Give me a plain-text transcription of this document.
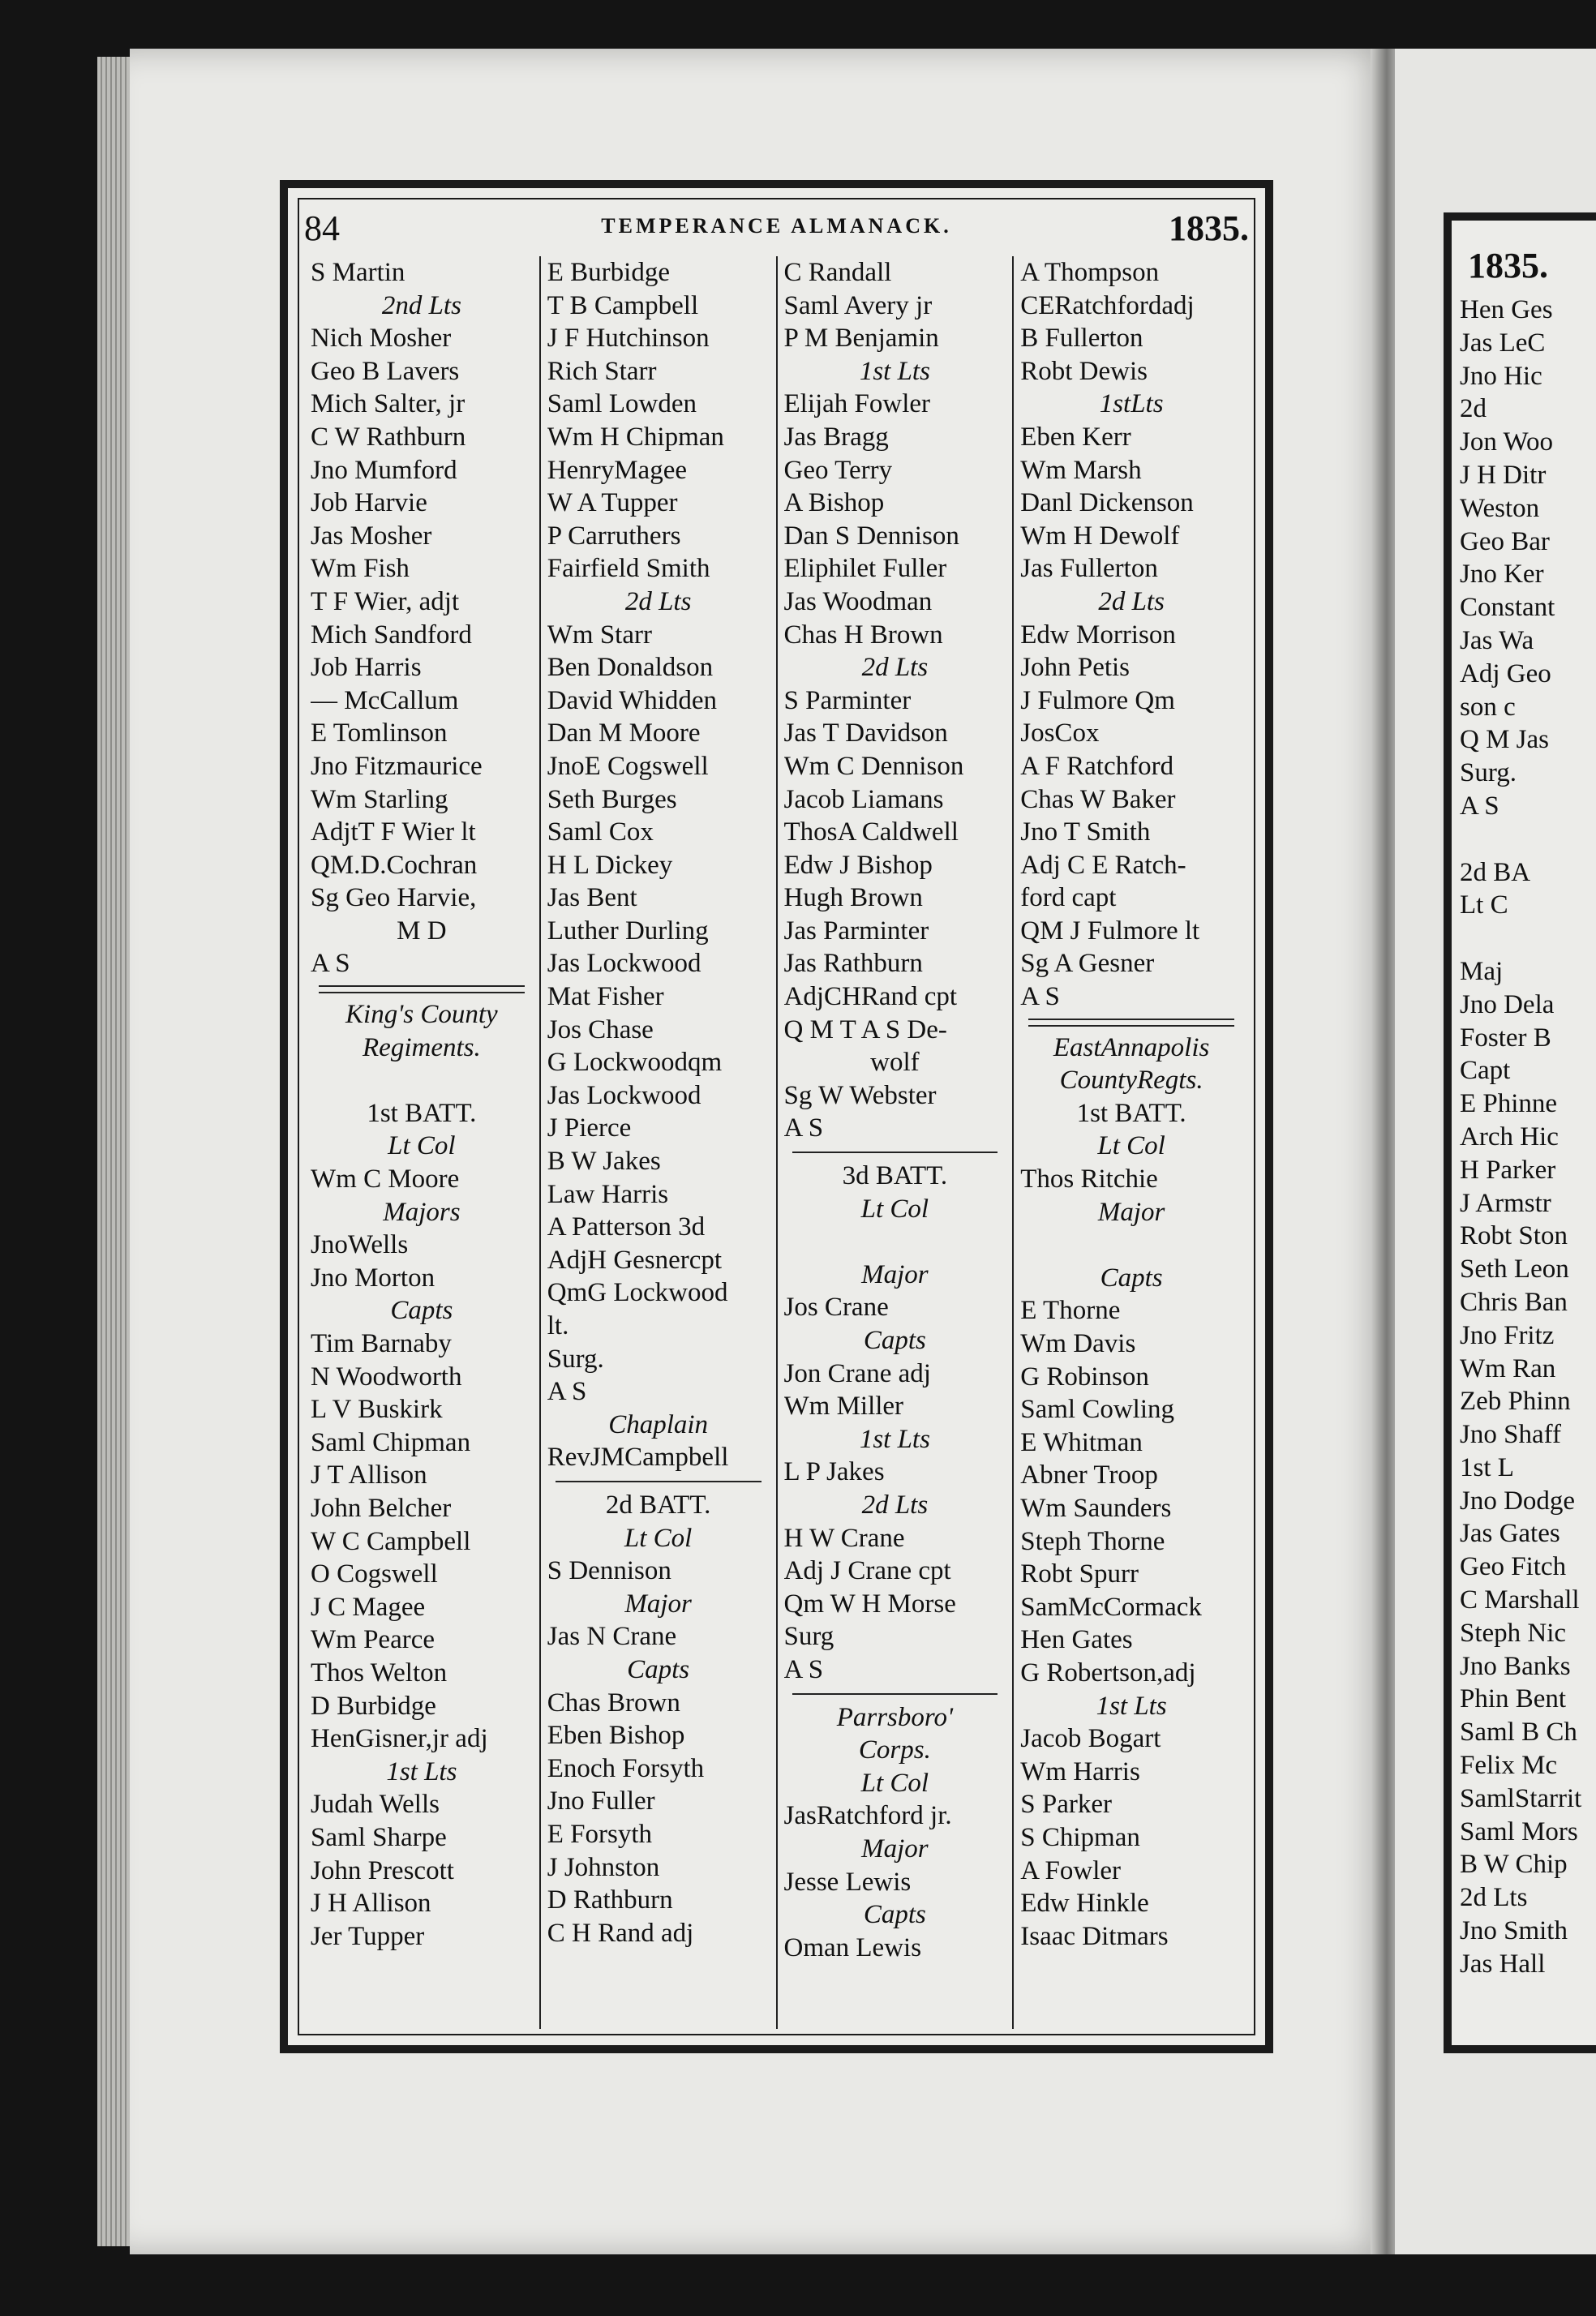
84	TEMPERANCE ALMANACK.	1835.
S Martin
2nd Lts
Nich Mosher
Geo B Lavers
Mich Salter, jr
C W Rathburn
Jno Mumford
Job Harvie
Jas Mosher
Wm Fish
T F Wier, adjt
Mich Sandford
Job Harris
— McCallum
E Tomlinson
Jno Fitzmaurice
Wm Starling
AdjtT F Wier lt
QM.D.Cochran
Sg Geo Harvie,
M D
A S
King's County
Regiments.
1st BATT.
Lt Col
Wm C Moore
Majors
JnoWells
Jno Morton
Capts
Tim Barnaby
N Woodworth
L V Buskirk
Saml Chipman
J T Allison
John Belcher
W C Campbell
O Cogswell
J C Magee
Wm Pearce
Thos Welton
D Burbidge
HenGisner,jr adj
1st Lts
Judah Wells
Saml Sharpe
John Prescott
J H Allison
Jer Tupper
E Burbidge
T B Campbell
J F Hutchinson
Rich Starr
Saml Lowden
Wm H Chipman
HenryMagee
W A Tupper
P Carruthers
Fairfield Smith
2d Lts
Wm Starr
Ben Donaldson
David Whidden
Dan M Moore
JnoE Cogswell
Seth Burges
Saml Cox
H L Dickey
Jas Bent
Luther Durling
Jas Lockwood
Mat Fisher
Jos Chase
G Lockwoodqm
Jas Lockwood
J Pierce
B W Jakes
Law Harris
A Patterson 3d
AdjH Gesnercpt
QmG Lockwood
lt.
Surg.
A S
Chaplain
RevJMCampbell
2d BATT.
Lt Col
S Dennison
Major
Jas N Crane
Capts
Chas Brown
Eben Bishop
Enoch Forsyth
Jno Fuller
E Forsyth
J Johnston
D Rathburn
C H Rand adj
C Randall
Saml Avery jr
P M Benjamin
1st Lts
Elijah Fowler
Jas Bragg
Geo Terry
A Bishop
Dan S Dennison
Eliphilet Fuller
Jas Woodman
Chas H Brown
2d Lts
S Parminter
Jas T Davidson
Wm C Dennison
Jacob Liamans
ThosA Caldwell
Edw J Bishop
Hugh Brown
Jas Parminter
Jas Rathburn
AdjCHRand cpt
Q M T A S De-
wolf
Sg W Webster
A S
3d BATT.
Lt Col
Major
Jos Crane
Capts
Jon Crane adj
Wm Miller
1st Lts
L P Jakes
2d Lts
H W Crane
Adj J Crane cpt
Qm W H Morse
Surg
A S
Parrsboro'
Corps.
Lt Col
JasRatchford jr.
Major
Jesse Lewis
Capts
Oman Lewis
A Thompson
CERatchfordadj
B Fullerton
Robt Dewis
1stLts
Eben Kerr
Wm Marsh
Danl Dickenson
Wm H Dewolf
Jas Fullerton
2d Lts
Edw Morrison
John Petis
J Fulmore Qm
JosCox
A F Ratchford
Chas W Baker
Jno T Smith
Adj C E Ratch-
ford capt
QM J Fulmore lt
Sg A Gesner
A S
EastAnnapolis
CountyRegts.
1st BATT.
Lt Col
Thos Ritchie
Major
Capts
E Thorne
Wm Davis
G Robinson
Saml Cowling
E Whitman
Abner Troop
Wm Saunders
Steph Thorne
Robt Spurr
SamMcCormack
Hen Gates
G Robertson,adj
1st Lts
Jacob Bogart
Wm Harris
S Parker
S Chipman
A Fowler
Edw Hinkle
Isaac Ditmars
1835.
Hen Ges
Jas LeC
Jno Hic
2d
Jon Woo
J H Ditr
Weston
Geo Bar
Jno Ker
Constant
Jas Wa
Adj Geo
son c
Q M Jas
Surg.
A S
2d BA
Lt C
Maj
Jno Dela
Foster B
Capt
E Phinne
Arch Hic
H Parker
J Armstr
Robt Ston
Seth Leon
Chris Ban
Jno Fritz
Wm Ran
Zeb Phinn
Jno Shaff
1st L
Jno Dodge
Jas Gates
Geo Fitch
C Marshall
Steph Nic
Jno Banks
Phin Bent
Saml B Ch
Felix Mc
SamlStarrit
Saml Mors
B W Chip
2d Lts
Jno Smith
Jas Hall
